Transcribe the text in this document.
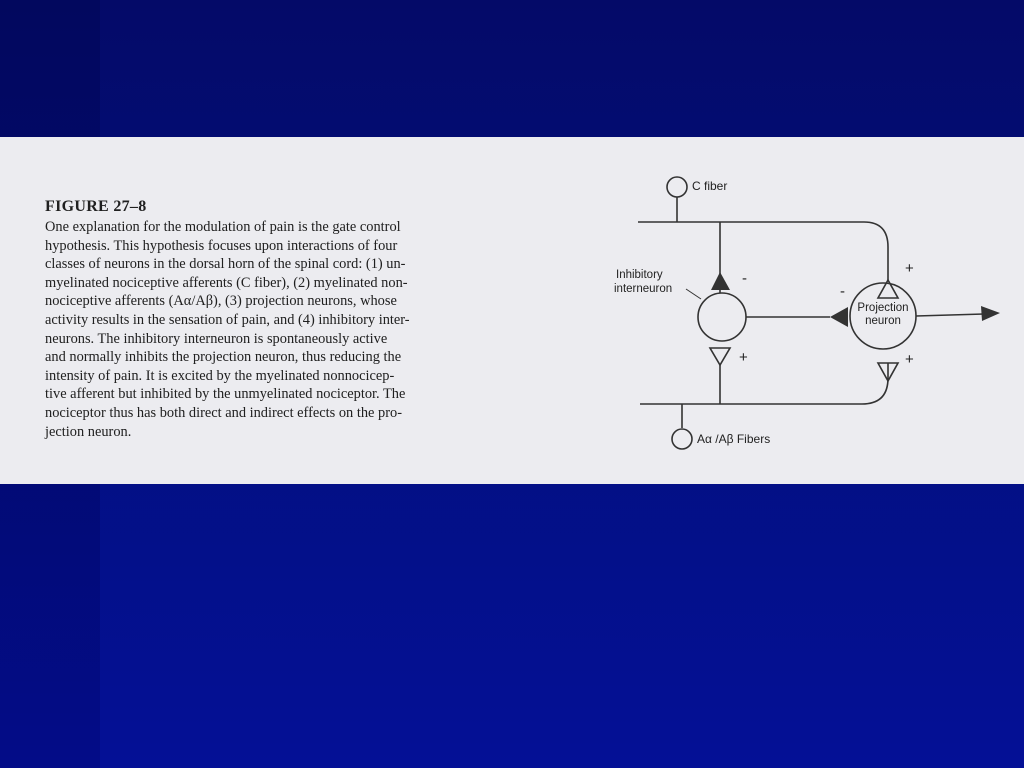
FIGURE 27–8
One explanation for the modulation of pain is the gate control
hypothesis. This hypothesis focuses upon interactions of four
classes of neurons in the dorsal horn of the spinal cord: (1) un-
myelinated nociceptive afferents (C fiber), (2) myelinated non-
nociceptive afferents (Aα/Aβ), (3) projection neurons, whose
activity results in the sensation of pain, and (4) inhibitory inter-
neurons. The inhibitory interneuron is spontaneously active
and normally inhibits the projection neuron, thus reducing the
intensity of pain. It is excited by the myelinated nonnocicep-
tive afferent but inhibited by the unmyelinated nociceptor. The
nociceptor thus has both direct and indirect effects on the pro-
jection neuron.
C fiber
Aα /Aβ Fibers
Inhibitory
interneuron
Projection
neuron
-
+
-
+
+
